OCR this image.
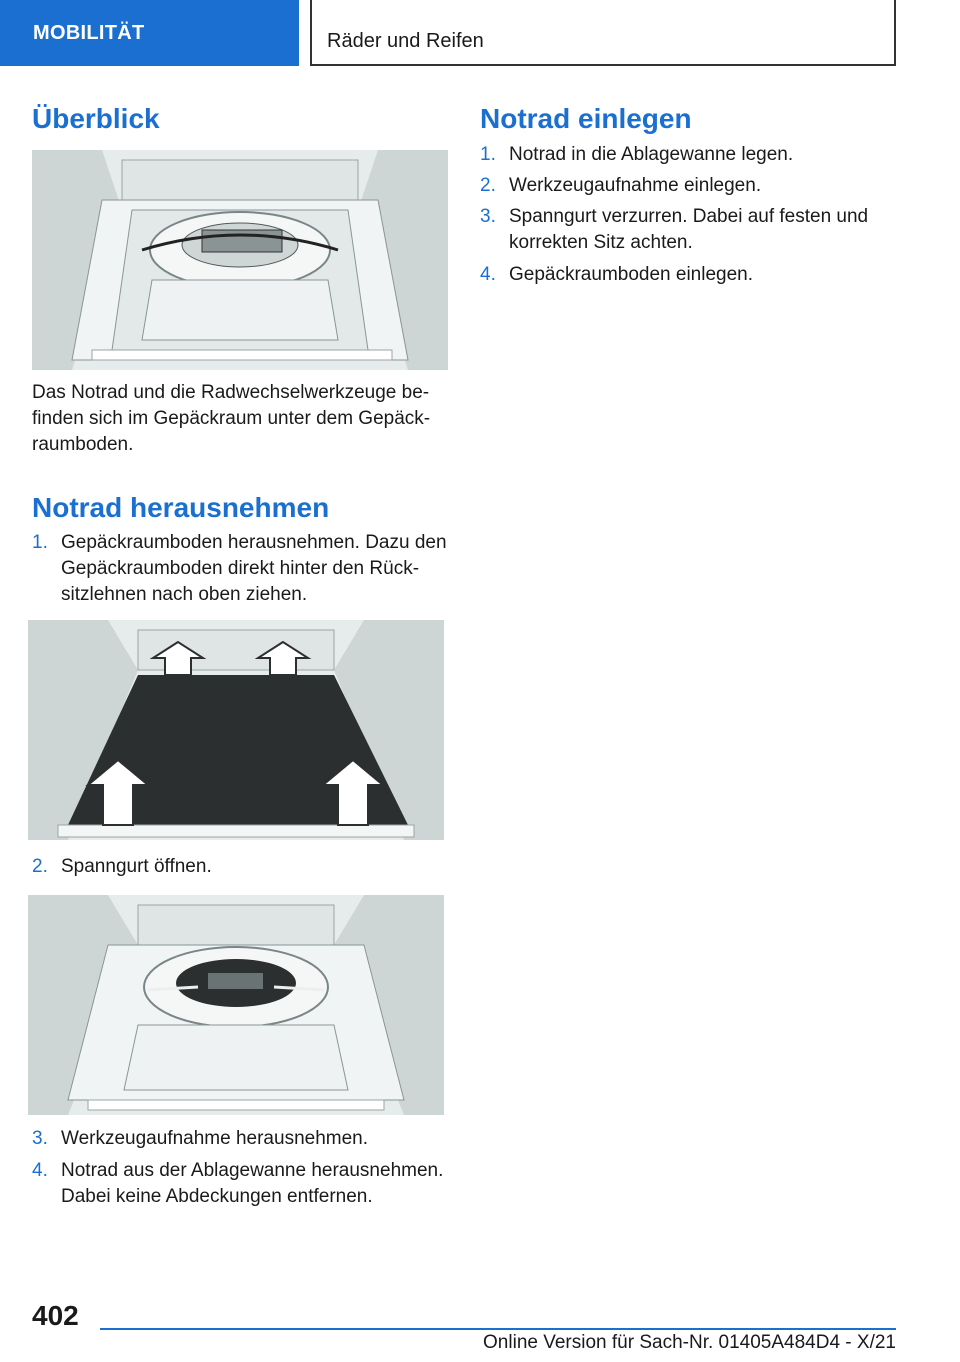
MOBILITÄT	Räder und Reifen
Überblick

Das Notrad und die Radwechselwerkzeuge be- finden sich im Gepäckraum unter dem Gepäck- raumboden.

Notrad herausnehmen
1. Gepäckraumboden herausnehmen. Dazu den Gepäckraumboden direkt hinter den Rück- sitzlehnen nach oben ziehen.
2. Spanngurt öffnen.
3. Werkzeugaufnahme herausnehmen.
4. Notrad aus der Ablagewanne herausnehmen. Dabei keine Abdeckungen entfernen.
Notrad einlegen
1. Notrad in die Ablagewanne legen.
2. Werkzeugaufnahme einlegen.
3. Spanngurt verzurren. Dabei auf festen und korrekten Sitz achten.
4. Gepäckraumboden einlegen.
402
Online Version für Sach-Nr. 01405A484D4 - X/21
